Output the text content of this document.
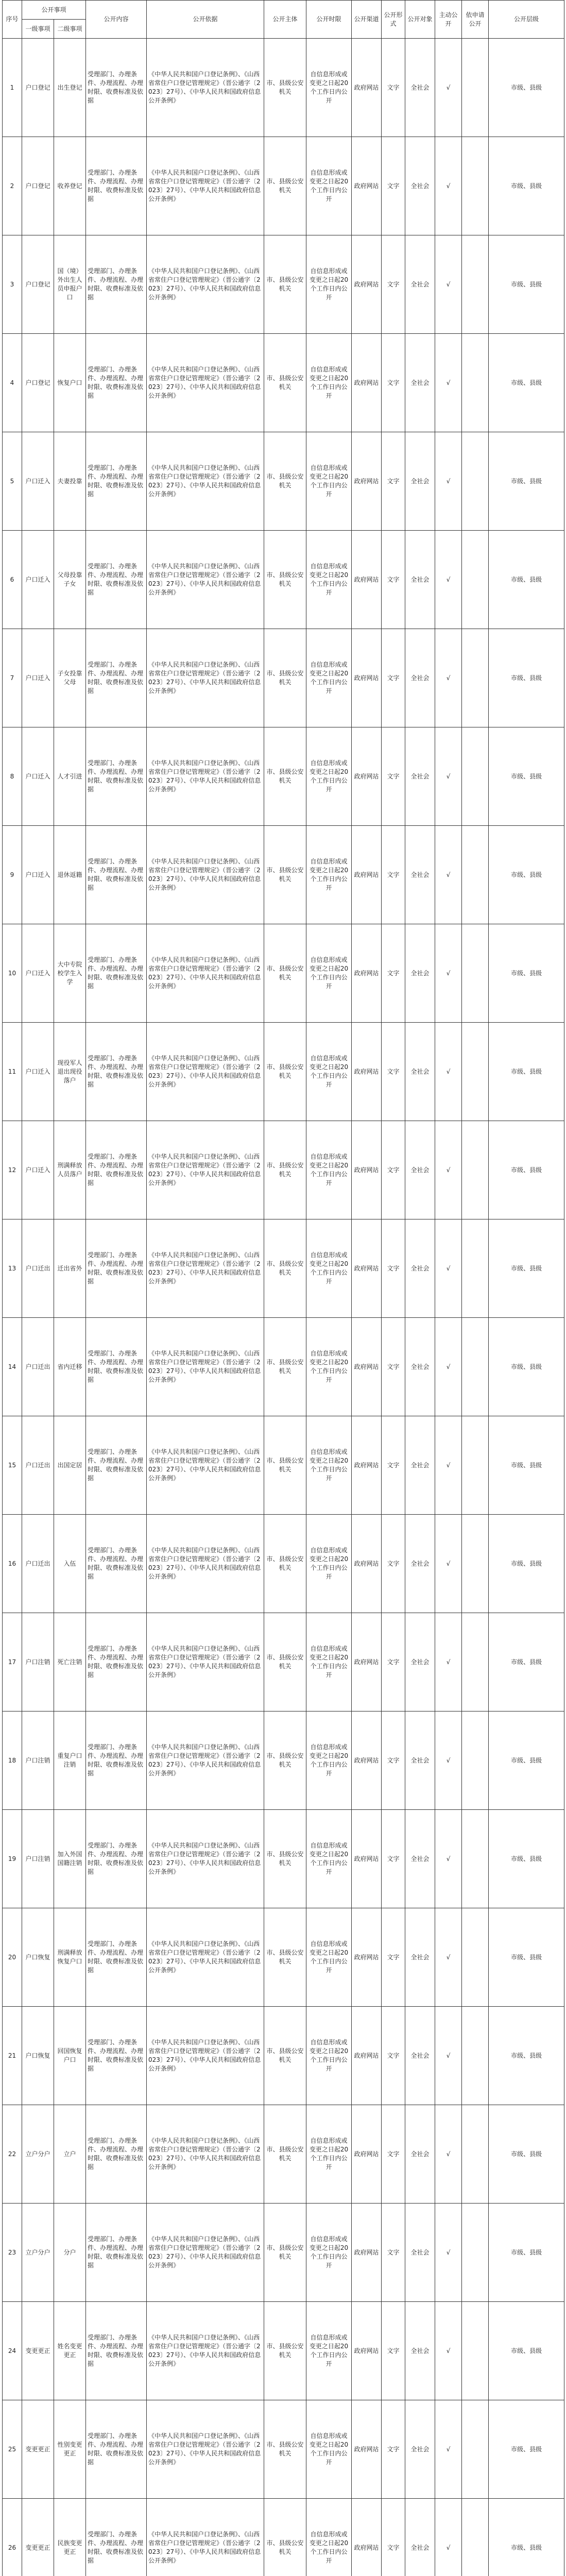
序号	公开事项		公开内容	公开依据	公开主体	公开时限	公开渠道	公开形式	公开对象	主动公开	依申请公开	公开层级
	一级事项	二级事项										
1	户口登记	出生登记	受理部门、办理条件、办理流程、办理时限、收费标准及依据	《中华人民共和国户口登记条例》、《山西省常住户口登记管理规定》（晋公通字〔2023〕27号）、《中华人民共和国政府信息公开条例》	市、县级公安机关	自信息形成或变更之日起20个工作日内公开	政府网站	文字	全社会	√		市级、县级
2	户口登记	收养登记	受理部门、办理条件、办理流程、办理时限、收费标准及依据	《中华人民共和国户口登记条例》、《山西省常住户口登记管理规定》（晋公通字〔2023〕27号）、《中华人民共和国政府信息公开条例》	市、县级公安机关	自信息形成或变更之日起20个工作日内公开	政府网站	文字	全社会	√		市级、县级
3	户口登记	国（境）外出生人员申报户口	受理部门、办理条件、办理流程、办理时限、收费标准及依据	《中华人民共和国户口登记条例》、《山西省常住户口登记管理规定》（晋公通字〔2023〕27号）、《中华人民共和国政府信息公开条例》	市、县级公安机关	自信息形成或变更之日起20个工作日内公开	政府网站	文字	全社会	√		市级、县级
4	户口登记	恢复户口	受理部门、办理条件、办理流程、办理时限、收费标准及依据	《中华人民共和国户口登记条例》、《山西省常住户口登记管理规定》（晋公通字〔2023〕27号）、《中华人民共和国政府信息公开条例》	市、县级公安机关	自信息形成或变更之日起20个工作日内公开	政府网站	文字	全社会	√		市级、县级
5	户口迁入	夫妻投靠	受理部门、办理条件、办理流程、办理时限、收费标准及依据	《中华人民共和国户口登记条例》、《山西省常住户口登记管理规定》（晋公通字〔2023〕27号）、《中华人民共和国政府信息公开条例》	市、县级公安机关	自信息形成或变更之日起20个工作日内公开	政府网站	文字	全社会	√		市级、县级
6	户口迁入	父母投靠子女	受理部门、办理条件、办理流程、办理时限、收费标准及依据	《中华人民共和国户口登记条例》、《山西省常住户口登记管理规定》（晋公通字〔2023〕27号）、《中华人民共和国政府信息公开条例》	市、县级公安机关	自信息形成或变更之日起20个工作日内公开	政府网站	文字	全社会	√		市级、县级
7	户口迁入	子女投靠父母	受理部门、办理条件、办理流程、办理时限、收费标准及依据	《中华人民共和国户口登记条例》、《山西省常住户口登记管理规定》（晋公通字〔2023〕27号）、《中华人民共和国政府信息公开条例》	市、县级公安机关	自信息形成或变更之日起20个工作日内公开	政府网站	文字	全社会	√		市级、县级
8	户口迁入	人才引进	受理部门、办理条件、办理流程、办理时限、收费标准及依据	《中华人民共和国户口登记条例》、《山西省常住户口登记管理规定》（晋公通字〔2023〕27号）、《中华人民共和国政府信息公开条例》	市、县级公安机关	自信息形成或变更之日起20个工作日内公开	政府网站	文字	全社会	√		市级、县级
9	户口迁入	退休返籍	受理部门、办理条件、办理流程、办理时限、收费标准及依据	《中华人民共和国户口登记条例》、《山西省常住户口登记管理规定》（晋公通字〔2023〕27号）、《中华人民共和国政府信息公开条例》	市、县级公安机关	自信息形成或变更之日起20个工作日内公开	政府网站	文字	全社会	√		市级、县级
10	户口迁入	大中专院校学生入学	受理部门、办理条件、办理流程、办理时限、收费标准及依据	《中华人民共和国户口登记条例》、《山西省常住户口登记管理规定》（晋公通字〔2023〕27号）、《中华人民共和国政府信息公开条例》	市、县级公安机关	自信息形成或变更之日起20个工作日内公开	政府网站	文字	全社会	√		市级、县级
11	户口迁入	现役军人退出现役落户	受理部门、办理条件、办理流程、办理时限、收费标准及依据	《中华人民共和国户口登记条例》、《山西省常住户口登记管理规定》（晋公通字〔2023〕27号）、《中华人民共和国政府信息公开条例》	市、县级公安机关	自信息形成或变更之日起20个工作日内公开	政府网站	文字	全社会	√		市级、县级
12	户口迁入	刑满释放人员落户	受理部门、办理条件、办理流程、办理时限、收费标准及依据	《中华人民共和国户口登记条例》、《山西省常住户口登记管理规定》（晋公通字〔2023〕27号）、《中华人民共和国政府信息公开条例》	市、县级公安机关	自信息形成或变更之日起20个工作日内公开	政府网站	文字	全社会	√		市级、县级
13	户口迁出	迁出省外	受理部门、办理条件、办理流程、办理时限、收费标准及依据	《中华人民共和国户口登记条例》、《山西省常住户口登记管理规定》（晋公通字〔2023〕27号）、《中华人民共和国政府信息公开条例》	市、县级公安机关	自信息形成或变更之日起20个工作日内公开	政府网站	文字	全社会	√		市级、县级
14	户口迁出	省内迁移	受理部门、办理条件、办理流程、办理时限、收费标准及依据	《中华人民共和国户口登记条例》、《山西省常住户口登记管理规定》（晋公通字〔2023〕27号）、《中华人民共和国政府信息公开条例》	市、县级公安机关	自信息形成或变更之日起20个工作日内公开	政府网站	文字	全社会	√		市级、县级
15	户口迁出	出国定居	受理部门、办理条件、办理流程、办理时限、收费标准及依据	《中华人民共和国户口登记条例》、《山西省常住户口登记管理规定》（晋公通字〔2023〕27号）、《中华人民共和国政府信息公开条例》	市、县级公安机关	自信息形成或变更之日起20个工作日内公开	政府网站	文字	全社会	√		市级、县级
16	户口迁出	入伍	受理部门、办理条件、办理流程、办理时限、收费标准及依据	《中华人民共和国户口登记条例》、《山西省常住户口登记管理规定》（晋公通字〔2023〕27号）、《中华人民共和国政府信息公开条例》	市、县级公安机关	自信息形成或变更之日起20个工作日内公开	政府网站	文字	全社会	√		市级、县级
17	户口注销	死亡注销	受理部门、办理条件、办理流程、办理时限、收费标准及依据	《中华人民共和国户口登记条例》、《山西省常住户口登记管理规定》（晋公通字〔2023〕27号）、《中华人民共和国政府信息公开条例》	市、县级公安机关	自信息形成或变更之日起20个工作日内公开	政府网站	文字	全社会	√		市级、县级
18	户口注销	重复户口注销	受理部门、办理条件、办理流程、办理时限、收费标准及依据	《中华人民共和国户口登记条例》、《山西省常住户口登记管理规定》（晋公通字〔2023〕27号）、《中华人民共和国政府信息公开条例》	市、县级公安机关	自信息形成或变更之日起20个工作日内公开	政府网站	文字	全社会	√		市级、县级
19	户口注销	加入外国国籍注销	受理部门、办理条件、办理流程、办理时限、收费标准及依据	《中华人民共和国户口登记条例》、《山西省常住户口登记管理规定》（晋公通字〔2023〕27号）、《中华人民共和国政府信息公开条例》	市、县级公安机关	自信息形成或变更之日起20个工作日内公开	政府网站	文字	全社会	√		市级、县级
20	户口恢复	刑满释放恢复户口	受理部门、办理条件、办理流程、办理时限、收费标准及依据	《中华人民共和国户口登记条例》、《山西省常住户口登记管理规定》（晋公通字〔2023〕27号）、《中华人民共和国政府信息公开条例》	市、县级公安机关	自信息形成或变更之日起20个工作日内公开	政府网站	文字	全社会	√		市级、县级
21	户口恢复	回国恢复户口	受理部门、办理条件、办理流程、办理时限、收费标准及依据	《中华人民共和国户口登记条例》、《山西省常住户口登记管理规定》（晋公通字〔2023〕27号）、《中华人民共和国政府信息公开条例》	市、县级公安机关	自信息形成或变更之日起20个工作日内公开	政府网站	文字	全社会	√		市级、县级
22	立户分户	立户	受理部门、办理条件、办理流程、办理时限、收费标准及依据	《中华人民共和国户口登记条例》、《山西省常住户口登记管理规定》（晋公通字〔2023〕27号）、《中华人民共和国政府信息公开条例》	市、县级公安机关	自信息形成或变更之日起20个工作日内公开	政府网站	文字	全社会	√		市级、县级
23	立户分户	分户	受理部门、办理条件、办理流程、办理时限、收费标准及依据	《中华人民共和国户口登记条例》、《山西省常住户口登记管理规定》（晋公通字〔2023〕27号）、《中华人民共和国政府信息公开条例》	市、县级公安机关	自信息形成或变更之日起20个工作日内公开	政府网站	文字	全社会	√		市级、县级
24	变更更正	姓名变更更正	受理部门、办理条件、办理流程、办理时限、收费标准及依据	《中华人民共和国户口登记条例》、《山西省常住户口登记管理规定》（晋公通字〔2023〕27号）、《中华人民共和国政府信息公开条例》	市、县级公安机关	自信息形成或变更之日起20个工作日内公开	政府网站	文字	全社会	√		市级、县级
25	变更更正	性别变更更正	受理部门、办理条件、办理流程、办理时限、收费标准及依据	《中华人民共和国户口登记条例》、《山西省常住户口登记管理规定》（晋公通字〔2023〕27号）、《中华人民共和国政府信息公开条例》	市、县级公安机关	自信息形成或变更之日起20个工作日内公开	政府网站	文字	全社会	√		市级、县级
26	变更更正	民族变更更正	受理部门、办理条件、办理流程、办理时限、收费标准及依据	《中华人民共和国户口登记条例》、《山西省常住户口登记管理规定》（晋公通字〔2023〕27号）、《中华人民共和国政府信息公开条例》	市、县级公安机关	自信息形成或变更之日起20个工作日内公开	政府网站	文字	全社会	√		市级、县级
